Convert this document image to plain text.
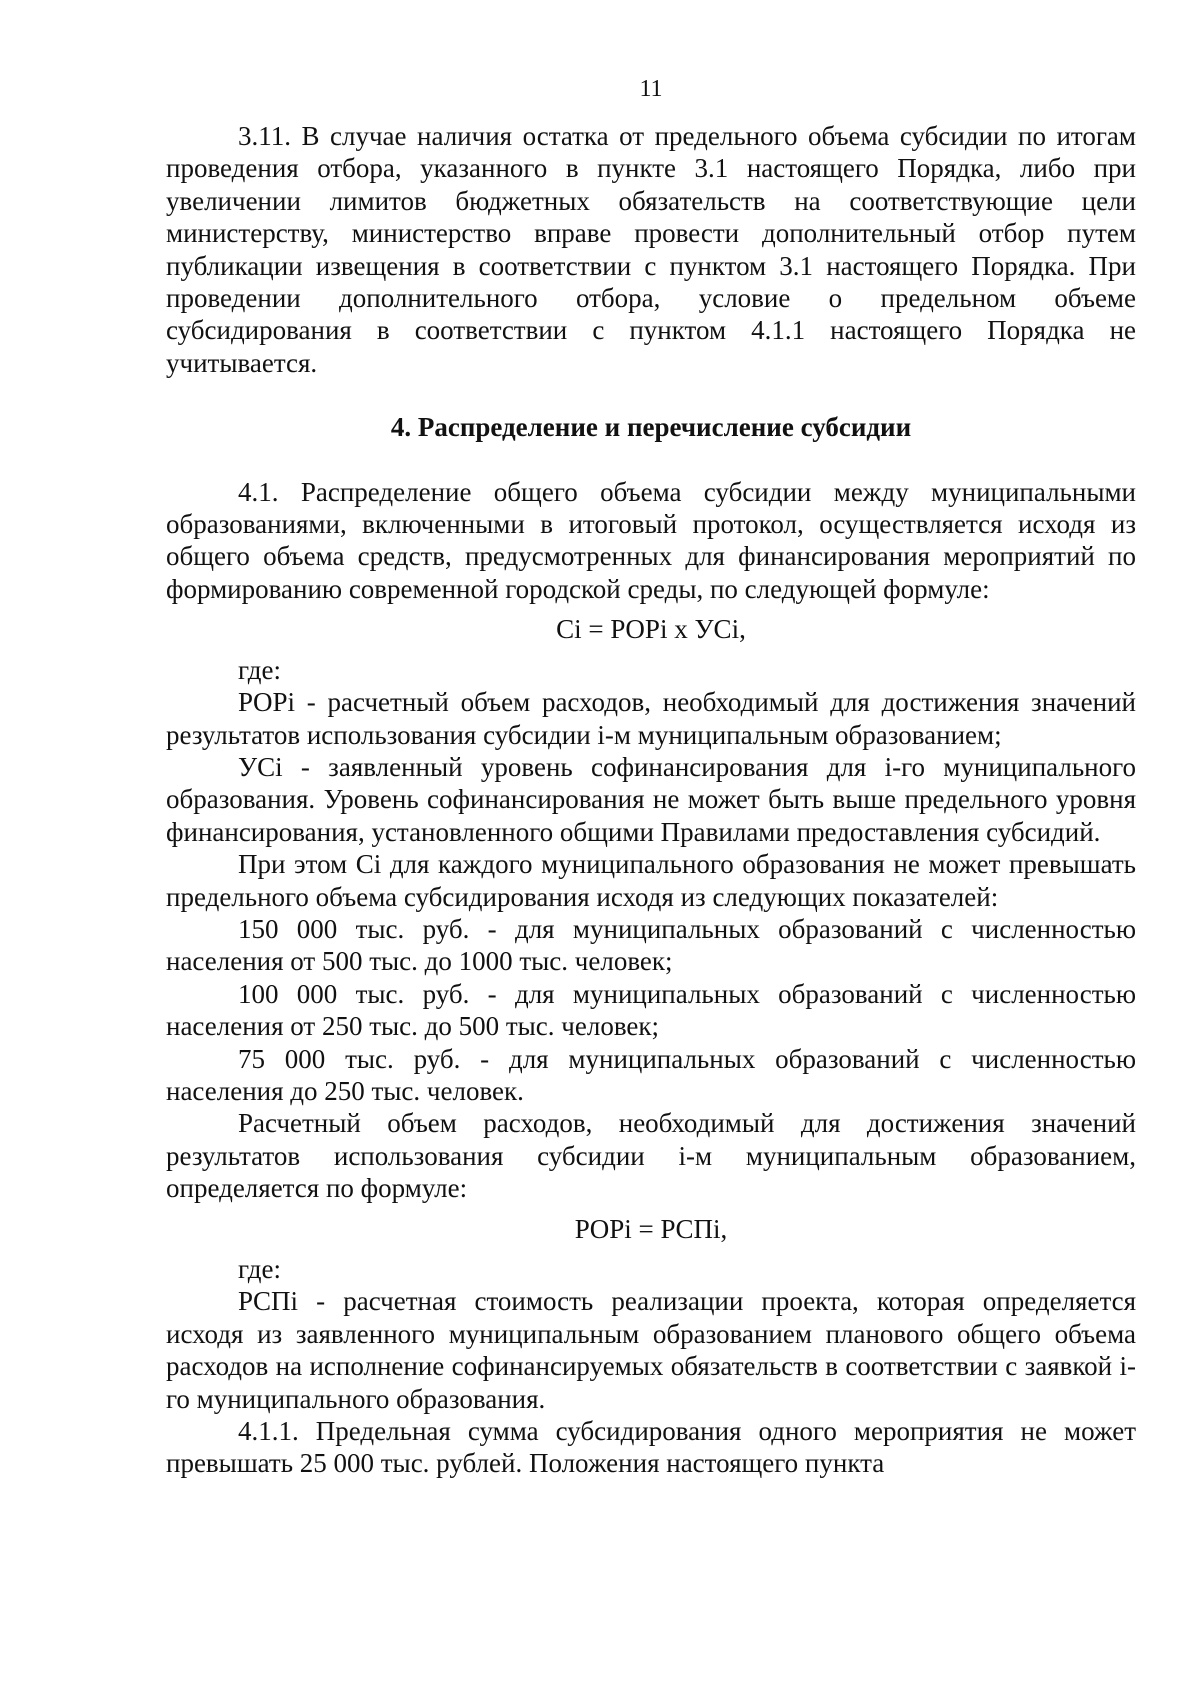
11

3.11. В случае наличия остатка от предельного объема субсидии по итогам проведения отбора, указанного в пункте 3.1 настоящего Порядка, либо при увеличении лимитов бюджетных обязательств на соответствующие цели министерству, министерство вправе провести дополнительный отбор путем публикации извещения в соответствии с пунктом 3.1 настоящего Порядка. При проведении дополнительного отбора, условие о предельном объеме субсидирования в соответствии с пунктом 4.1.1 настоящего Порядка не учитывается.

4. Распределение и перечисление субсидии

4.1. Распределение общего объема субсидии между муниципальными образованиями, включенными в итоговый протокол, осуществляется исходя из общего объема средств, предусмотренных для финансирования мероприятий по формированию современной городской среды, по следующей формуле:

Ci = POPi x УСi,

где:

POPi - расчетный объем расходов, необходимый для достижения значений результатов использования субсидии i-м муниципальным образованием;

УСi - заявленный уровень софинансирования для i-го муниципального образования. Уровень софинансирования не может быть выше предельного уровня финансирования, установленного общими Правилами предоставления субсидий.

При этом Ci для каждого муниципального образования не может превышать предельного объема субсидирования исходя из следующих показателей:

150 000 тыс. руб. - для муниципальных образований с численностью населения от 500 тыс. до 1000 тыс. человек;

100 000 тыс. руб. - для муниципальных образований с численностью населения от 250 тыс. до 500 тыс. человек;

75 000 тыс. руб. - для муниципальных образований с численностью населения до 250 тыс. человек.

Расчетный объем расходов, необходимый для достижения значений результатов использования субсидии i-м муниципальным образованием, определяется по формуле:

POPi = PCПi,

где:

PCПi - расчетная стоимость реализации проекта, которая определяется исходя из заявленного муниципальным образованием планового общего объема расходов на исполнение софинансируемых обязательств в соответствии с заявкой i-го муниципального образования.

4.1.1. Предельная сумма субсидирования одного мероприятия не может превышать 25 000 тыс. рублей. Положения настоящего пункта
